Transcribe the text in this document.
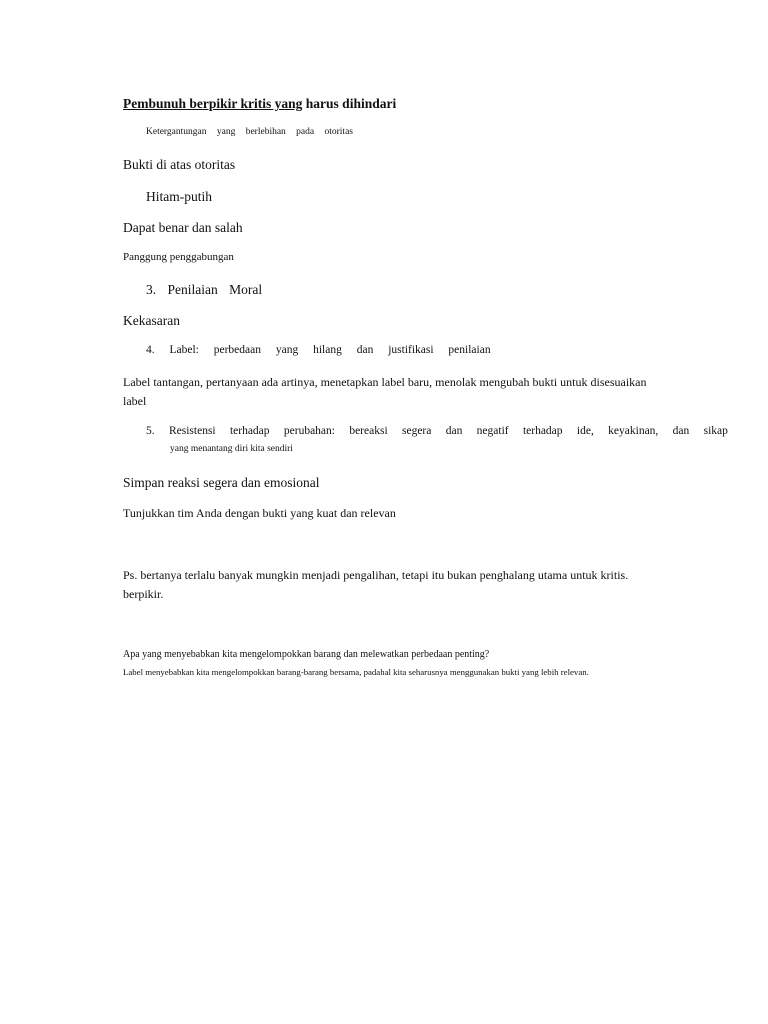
Pembunuh berpikir kritis yang harus dihindari
Ketergantungan yang berlebihan pada otoritas
Bukti di atas otoritas
Hitam-putih
Dapat benar dan salah
Panggung penggabungan
3. Penilaian Moral
Kekasaran
4. Label: perbedaan yang hilang dan justifikasi penilaian
Label tantangan, pertanyaan ada artinya, menetapkan label baru, menolak mengubah bukti untuk disesuaikan
label
5. Resistensi terhadap perubahan: bereaksi segera dan negatif terhadap ide, keyakinan, dan sikap
yang menantang diri kita sendiri
Simpan reaksi segera dan emosional
Tunjukkan tim Anda dengan bukti yang kuat dan relevan
Ps. bertanya terlalu banyak mungkin menjadi pengalihan, tetapi itu bukan penghalang utama untuk kritis.
berpikir.
Apa yang menyebabkan kita mengelompokkan barang dan melewatkan perbedaan penting?
Label menyebabkan kita mengelompokkan barang-barang bersama, padahal kita seharusnya menggunakan bukti yang lebih relevan.
